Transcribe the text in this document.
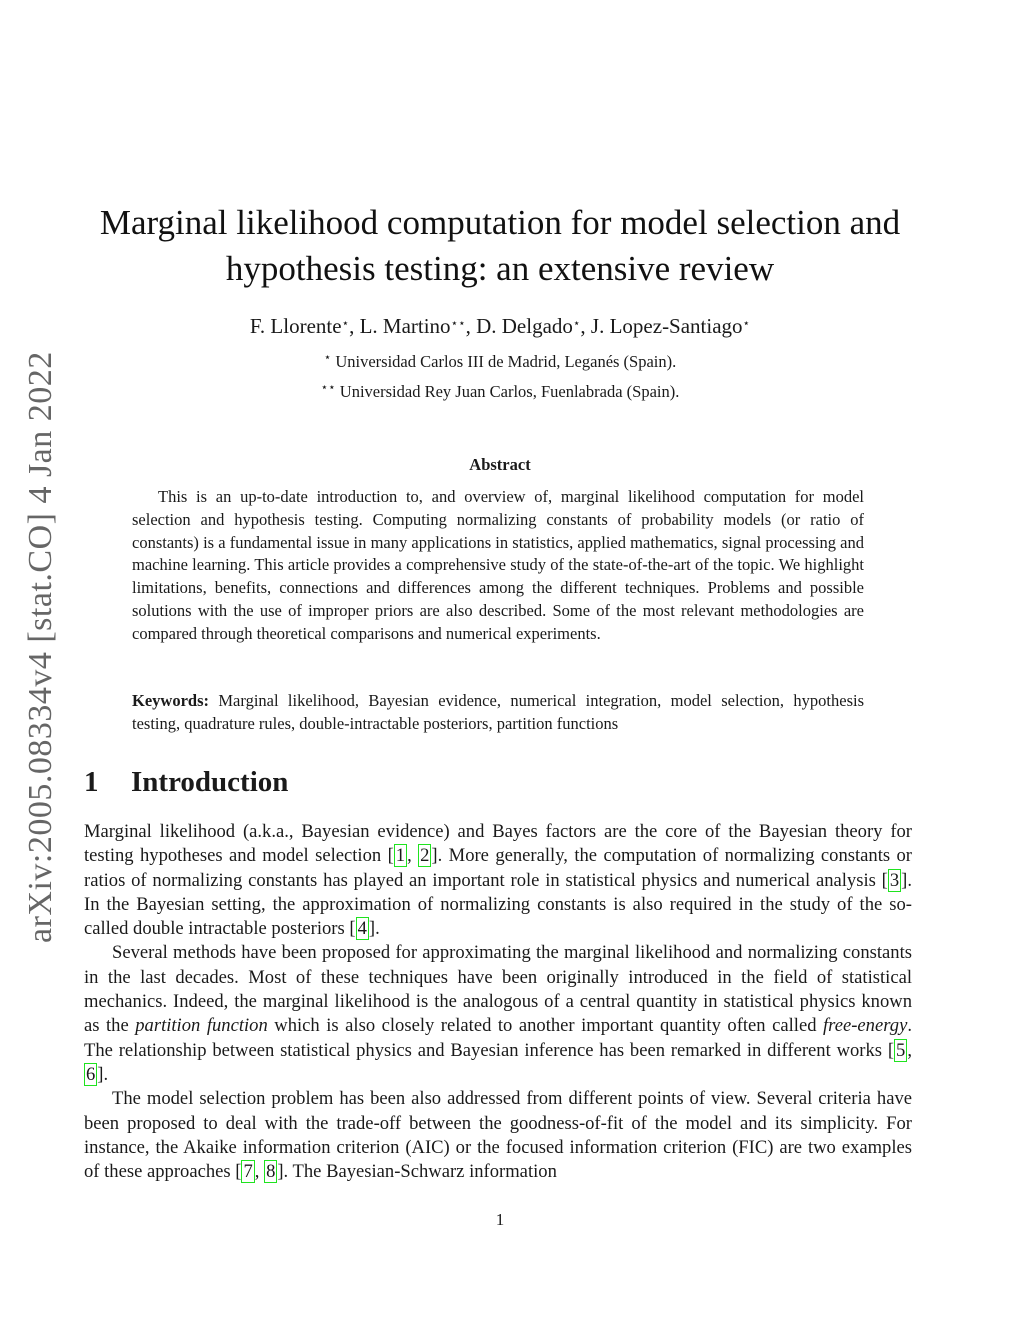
arXiv:2005.08334v4 [stat.CO] 4 Jan 2022
Marginal likelihood computation for model selection and
hypothesis testing: an extensive review
F. Llorente⋆, L. Martino⋆⋆, D. Delgado⋆, J. Lopez-Santiago⋆
⋆ Universidad Carlos III de Madrid, Leganés (Spain).
⋆⋆ Universidad Rey Juan Carlos, Fuenlabrada (Spain).
Abstract
This is an up-to-date introduction to, and overview of, marginal likelihood computation for model selection and hypothesis testing. Computing normalizing constants of probability models (or ratio of constants) is a fundamental issue in many applications in statistics, applied mathematics, signal processing and machine learning. This article provides a comprehensive study of the state-of-the-art of the topic. We highlight limitations, benefits, connections and differences among the different techniques. Problems and possible solutions with the use of improper priors are also described. Some of the most relevant methodologies are compared through theoretical comparisons and numerical experiments.
Keywords: Marginal likelihood, Bayesian evidence, numerical integration, model selection, hypothesis testing, quadrature rules, double-intractable posteriors, partition functions
1 Introduction

Marginal likelihood (a.k.a., Bayesian evidence) and Bayes factors are the core of the Bayesian theory for testing hypotheses and model selection [ 1 , 2 ]. More generally, the computation of normalizing constants or ratios of normalizing constants has played an important role in statistical physics and numerical analysis [ 3 ]. In the Bayesian setting, the approximation of normalizing constants is also required in the study of the so-called double intractable posteriors [ 4 ].

Several methods have been proposed for approximating the marginal likelihood and normalizing constants in the last decades. Most of these techniques have been originally introduced in the field of statistical mechanics. Indeed, the marginal likelihood is the analogous of a central quantity in statistical physics known as the partition function which is also closely related to another important quantity often called free-energy. The relationship between statistical physics and Bayesian inference has been remarked in different works [ 5 , 6 ].

The model selection problem has been also addressed from different points of view. Several criteria have been proposed to deal with the trade-off between the goodness-of-fit of the model and its simplicity. For instance, the Akaike information criterion (AIC) or the focused information criterion (FIC) are two examples of these approaches [ 7 , 8 ]. The Bayesian-Schwarz information

1
